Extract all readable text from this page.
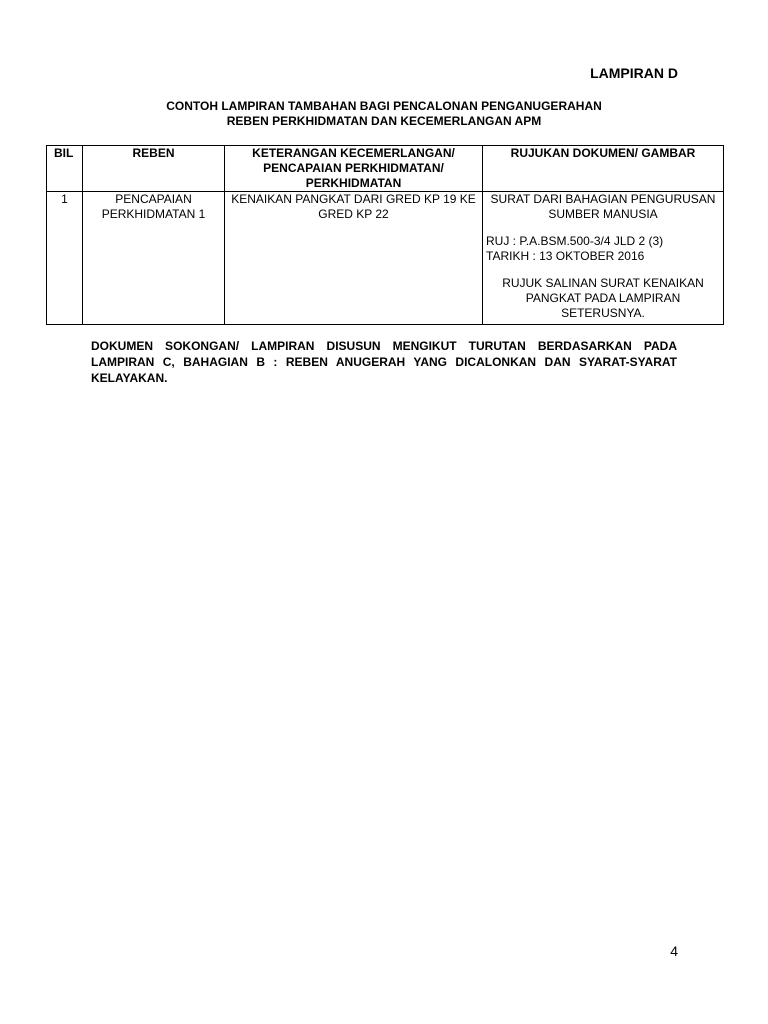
LAMPIRAN D
CONTOH LAMPIRAN TAMBAHAN BAGI PENCALONAN PENGANUGERAHAN
REBEN PERKHIDMATAN DAN KECEMERLANGAN APM
BIL	REBEN	KETERANGAN KECEMERLANGAN/ PENCAPAIAN PERKHIDMATAN/ PERKHIDMATAN	RUJUKAN DOKUMEN/ GAMBAR
1	PENCAPAIAN PERKHIDMATAN 1	KENAIKAN PANGKAT DARI GRED KP 19 KE GRED KP 22	SURAT DARI BAHAGIAN PENGURUSAN SUMBER MANUSIA

RUJ : P.A.BSM.500-3/4 JLD 2 (3)

TARIKH : 13 OKTOBER 2016

RUJUK SALINAN SURAT KENAIKAN PANGKAT PADA LAMPIRAN SETERUSNYA.

DOKUMEN SOKONGAN/ LAMPIRAN DISUSUN MENGIKUT TURUTAN BERDASARKAN PADA LAMPIRAN C, BAHAGIAN B : REBEN ANUGERAH YANG DICALONKAN DAN SYARAT-SYARAT KELAYAKAN.
4
